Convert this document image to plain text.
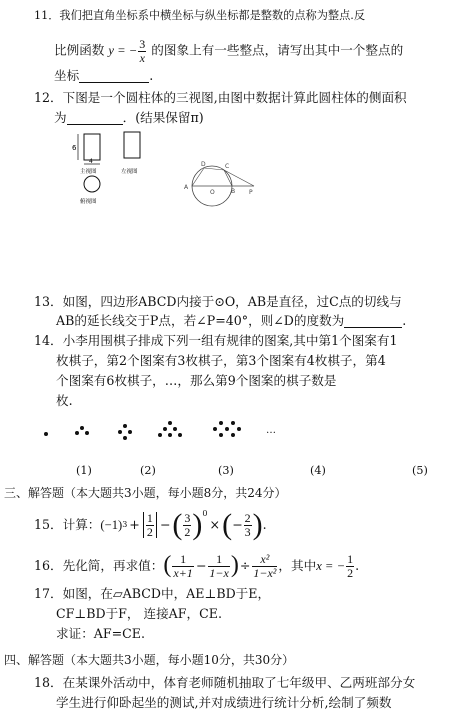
11．我们把直角坐标系中横坐标与纵坐标都是整数的点称为整点.反
比例函数 y = − $\frac{3}{x}$ 的图象上有一些整点，请写出其中一个整点的
坐标	.
12．下图是一个圆柱体的三视图,由图中数据计算此圆柱体的侧面积
为	．(结果保留π)
6
4
主视图	左视图
俯视图
A
D	C
O	B P
13．如图，四边形ABCD内接于⊙O，AB是直径，过C点的切线与
AB的延长线交于P点，若∠P=40°，则∠D的度数为	.
14．小李用围棋子排成下列一组有规律的图案,其中第1个图案有1
枚棋子，第2个图案有3枚棋子，第3个图案有4枚棋子，第4
个图案有6枚棋子，…，那么第9个图案的棋子数是
枚.
…
(1)	(2)	(3)	(4)	(5)
三、解答题（本大题共3小题，每小题8分，共24分）
15．计算： (−1) $3 + \frac{1}{2}$ − ( $\frac{3}{2} )^0$
× ( − $\frac{2}{3}$ ) .
16．先化简，再求值： ( $\frac{1}{x+1} - \frac{1}{1-x}$ ) ÷ $\frac{\text{x²}}{\text{1−x²}}$ ，其中 x = − $\frac{1}{2}$ .
17．如图，在▱ABCD中，AE⊥BD于E，
CF⊥BD于F， 连接AF，CE.
求证：AF=CE.
四、解答题（本大题共3小题，每小题10分，共30分）
18．在某课外活动中，体育老师随机抽取了七年级甲、乙两班部分女
学生进行仰卧起坐的测试,并对成绩进行统计分析,绘制了频数
